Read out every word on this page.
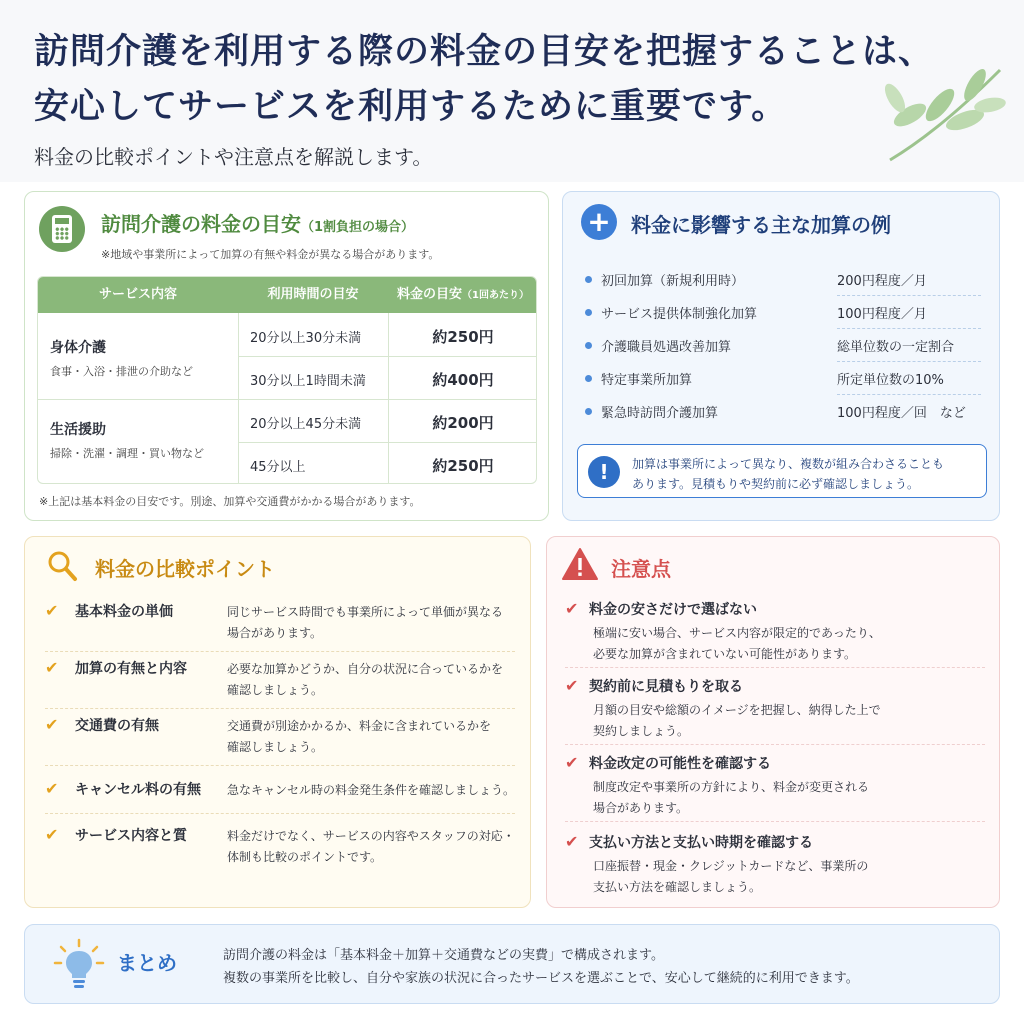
訪問介護を利用する際の料金の目安を把握することは、
安心してサービスを利用するために重要です。
料金の比較ポイントや注意点を解説します。
訪問介護の料金の目安（1割負担の場合）
※地域や事業所によって加算の有無や料金が異なる場合があります。
サービス内容	利用時間の目安	料金の目安（1回あたり）
身体介護
食事・入浴・排泄の介助など
20分以上30分未満	約250円
30分以上1時間未満	約400円
生活援助
掃除・洗濯・調理・買い物など
20分以上45分未満	約200円
45分以上	約250円
※上記は基本料金の目安です。別途、加算や交通費がかかる場合があります。
+	料金に影響する主な加算の例
初回加算（新規利用時）	200円程度／月
サービス提供体制強化加算	100円程度／月
介護職員処遇改善加算	総単位数の一定割合
特定事業所加算	所定単位数の10%
緊急時訪問介護加算	100円程度／回　など
!	加算は事業所によって異なり、複数が組み合わさることも
あります。見積もりや契約前に必ず確認しましょう。
料金の比較ポイント
✔ 基本料金の単価	同じサービス時間でも事業所によって単価が異なる
場合があります。
✔ 加算の有無と内容	必要な加算かどうか、自分の状況に合っているかを
確認しましょう。
✔ 交通費の有無	交通費が別途かかるか、料金に含まれているかを
確認しましょう。
✔ キャンセル料の有無 急なキャンセル時の料金発生条件を確認しましょう。
✔ サービス内容と質	料金だけでなく、サービスの内容やスタッフの対応・
体制も比較のポイントです。
注意点
✔ 料金の安さだけで選ばない
極端に安い場合、サービス内容が限定的であったり、
必要な加算が含まれていない可能性があります。
✔ 契約前に見積もりを取る
月額の目安や総額のイメージを把握し、納得した上で
契約しましょう。
✔ 料金改定の可能性を確認する
制度改定や事業所の方針により、料金が変更される
場合があります。
✔ 支払い方法と支払い時期を確認する
口座振替・現金・クレジットカードなど、事業所の
支払い方法を確認しましょう。
まとめ	訪問介護の料金は「基本料金＋加算＋交通費などの実費」で構成されます。
複数の事業所を比較し、自分や家族の状況に合ったサービスを選ぶことで、安心して継続的に利用できます。
